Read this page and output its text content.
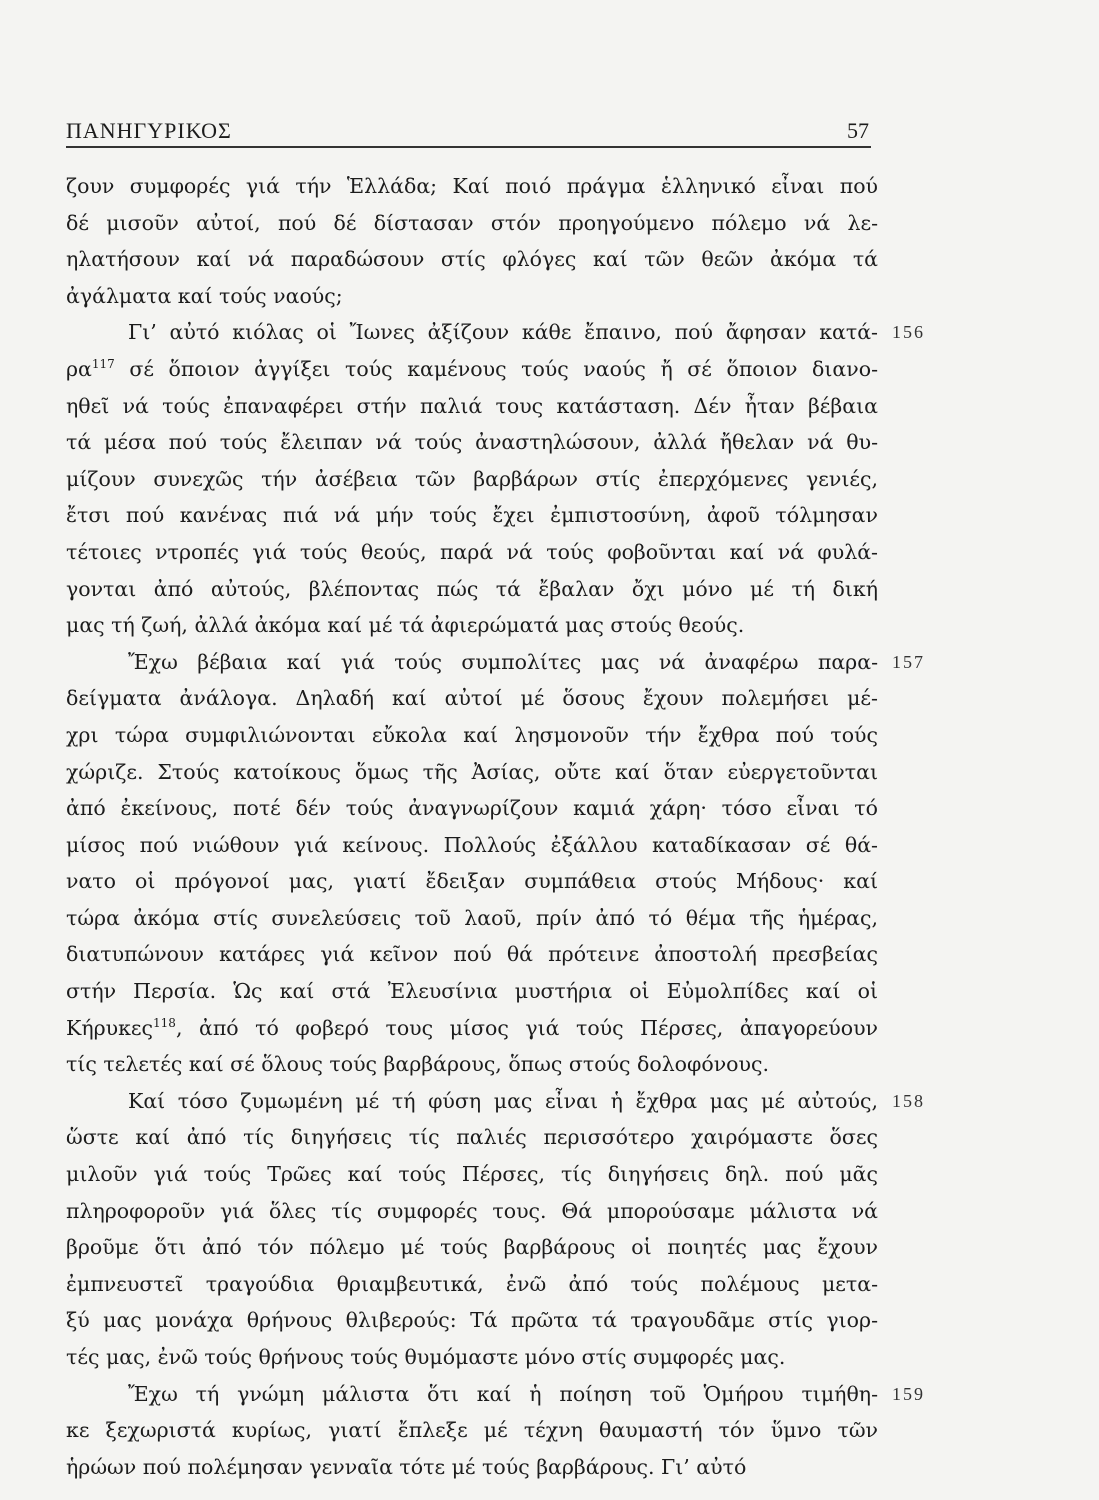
ΠΑΝΗΓΥΡΙΚΟΣ	57
ζουν συμφορές γιά τήν Ἑλλάδα; Καί ποιό πράγμα ἑλληνικό εἶναι πού
δέ μισοῦν αὐτοί, πού δέ δίστασαν στόν προηγούμενο πόλεμο νά λε-
ηλατήσουν καί νά παραδώσουν στίς φλόγες καί τῶν θεῶν ἀκόμα τά
ἀγάλματα καί τούς ναούς;
Γι’ αὐτό κιόλας οἱ Ἴωνες ἀξίζουν κάθε ἔπαινο, πού ἄφησαν κατά- 156
$\rho\alpha^{117}$ σέ ὅποιον ἀγγίξει τούς καμένους τούς ναούς ἤ σέ ὅποιον διανο-
ηθεῖ νά τούς ἐπαναφέρει στήν παλιά τους κατάσταση. Δέν ἦταν βέβαια
τά μέσα πού τούς ἔλειπαν νά τούς ἀναστηλώσουν, ἀλλά ἤθελαν νά θυ-
μίζουν συνεχῶς τήν ἀσέβεια τῶν βαρβάρων στίς ἐπερχόμενες γενιές,
ἔτσι πού κανένας πιά νά μήν τούς ἔχει ἐμπιστοσύνη, ἀφοῦ τόλμησαν
τέτοιες ντροπές γιά τούς θεούς, παρά νά τούς φοβοῦνται καί νά φυλά-
γονται ἀπό αὐτούς, βλέποντας πώς τά ἔβαλαν ὄχι μόνο μέ τή δική
μας τή ζωή, ἀλλά ἀκόμα καί μέ τά ἀφιερώματά μας στούς θεούς.
Ἔχω βέβαια καί γιά τούς συμπολίτες μας νά ἀναφέρω παρα- 157
δείγματα ἀνάλογα. Δηλαδή καί αὐτοί μέ ὅσους ἔχουν πολεμήσει μέ-
χρι τώρα συμφιλιώνονται εὔκολα καί λησμονοῦν τήν ἔχθρα πού τούς
χώριζε. Στούς κατοίκους ὅμως τῆς Ἀσίας, οὔτε καί ὅταν εὐεργετοῦνται
ἀπό ἐκείνους, ποτέ δέν τούς ἀναγνωρίζουν καμιά χάρη· τόσο εἶναι τό
μίσος πού νιώθουν γιά κείνους. Πολλούς ἐξάλλου καταδίκασαν σέ θά-
νατο οἱ πρόγονοί μας, γιατί ἔδειξαν συμπάθεια στούς Μήδους· καί
τώρα ἀκόμα στίς συνελεύσεις τοῦ λαοῦ, πρίν ἀπό τό θέμα τῆς ἡμέρας,
διατυπώνουν κατάρες γιά κεῖνον πού θά πρότεινε ἀποστολή πρεσβείας
στήν Περσία. Ὡς καί στά Ἐλευσίνια μυστήρια οἱ Εὐμολπίδες καί οἱ
Κήρυκες$^{118}$, ἀπό τό φοβερό τους μίσος γιά τούς Πέρσες, ἀπαγορεύουν
τίς τελετές καί σέ ὅλους τούς βαρβάρους, ὅπως στούς δολοφόνους.
Καί τόσο ζυμωμένη μέ τή φύση μας εἶναι ἡ ἔχθρα μας μέ αὐτούς, 158
ὥστε καί ἀπό τίς διηγήσεις τίς παλιές περισσότερο χαιρόμαστε ὅσες
μιλοῦν γιά τούς Τρῶες καί τούς Πέρσες, τίς διηγήσεις δηλ. πού μᾶς
πληροφοροῦν γιά ὅλες τίς συμφορές τους. Θά μπορούσαμε μάλιστα νά
βροῦμε ὅτι ἀπό τόν πόλεμο μέ τούς βαρβάρους οἱ ποιητές μας ἔχουν
ἐμπνευστεῖ τραγούδια θριαμβευτικά, ἐνῶ ἀπό τούς πολέμους μετα-
ξύ μας μονάχα θρήνους θλιβερούς: Τά πρῶτα τά τραγουδᾶμε στίς γιορ-
τές μας, ἐνῶ τούς θρήνους τούς θυμόμαστε μόνο στίς συμφορές μας.
Ἔχω τή γνώμη μάλιστα ὅτι καί ἡ ποίηση τοῦ Ὁμήρου τιμήθη- 159
κε ξεχωριστά κυρίως, γιατί ἔπλεξε μέ τέχνη θαυμαστή τόν ὕμνο τῶν
ἡρώων πού πολέμησαν γενναῖα τότε μέ τούς βαρβάρους. Γι’ αὐτό
